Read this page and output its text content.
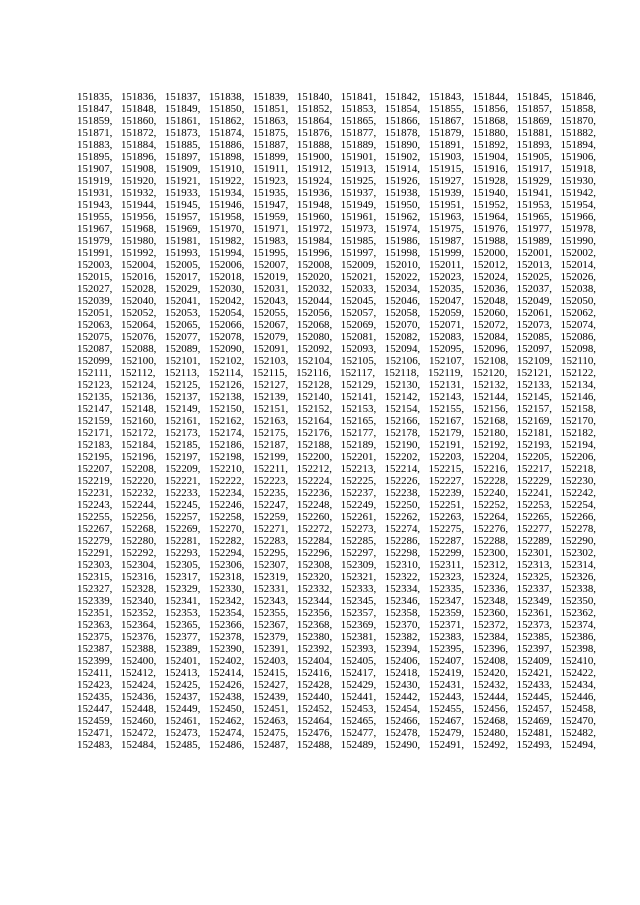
151835, 151836, 151837, 151838, 151839, 151840, 151841, 151842, 151843, 151844, 151845, 151846,
151847, 151848, 151849, 151850, 151851, 151852, 151853, 151854, 151855, 151856, 151857, 151858,
151859, 151860, 151861, 151862, 151863, 151864, 151865, 151866, 151867, 151868, 151869, 151870,
151871, 151872, 151873, 151874, 151875, 151876, 151877, 151878, 151879, 151880, 151881, 151882,
151883, 151884, 151885, 151886, 151887, 151888, 151889, 151890, 151891, 151892, 151893, 151894,
151895, 151896, 151897, 151898, 151899, 151900, 151901, 151902, 151903, 151904, 151905, 151906,
151907, 151908, 151909, 151910, 151911, 151912, 151913, 151914, 151915, 151916, 151917, 151918,
151919, 151920, 151921, 151922, 151923, 151924, 151925, 151926, 151927, 151928, 151929, 151930,
151931, 151932, 151933, 151934, 151935, 151936, 151937, 151938, 151939, 151940, 151941, 151942,
151943, 151944, 151945, 151946, 151947, 151948, 151949, 151950, 151951, 151952, 151953, 151954,
151955, 151956, 151957, 151958, 151959, 151960, 151961, 151962, 151963, 151964, 151965, 151966,
151967, 151968, 151969, 151970, 151971, 151972, 151973, 151974, 151975, 151976, 151977, 151978,
151979, 151980, 151981, 151982, 151983, 151984, 151985, 151986, 151987, 151988, 151989, 151990,
151991, 151992, 151993, 151994, 151995, 151996, 151997, 151998, 151999, 152000, 152001, 152002,
152003, 152004, 152005, 152006, 152007, 152008, 152009, 152010, 152011, 152012, 152013, 152014,
152015, 152016, 152017, 152018, 152019, 152020, 152021, 152022, 152023, 152024, 152025, 152026,
152027, 152028, 152029, 152030, 152031, 152032, 152033, 152034, 152035, 152036, 152037, 152038,
152039, 152040, 152041, 152042, 152043, 152044, 152045, 152046, 152047, 152048, 152049, 152050,
152051, 152052, 152053, 152054, 152055, 152056, 152057, 152058, 152059, 152060, 152061, 152062,
152063, 152064, 152065, 152066, 152067, 152068, 152069, 152070, 152071, 152072, 152073, 152074,
152075, 152076, 152077, 152078, 152079, 152080, 152081, 152082, 152083, 152084, 152085, 152086,
152087, 152088, 152089, 152090, 152091, 152092, 152093, 152094, 152095, 152096, 152097, 152098,
152099, 152100, 152101, 152102, 152103, 152104, 152105, 152106, 152107, 152108, 152109, 152110,
152111, 152112, 152113, 152114, 152115, 152116, 152117, 152118, 152119, 152120, 152121, 152122,
152123, 152124, 152125, 152126, 152127, 152128, 152129, 152130, 152131, 152132, 152133, 152134,
152135, 152136, 152137, 152138, 152139, 152140, 152141, 152142, 152143, 152144, 152145, 152146,
152147, 152148, 152149, 152150, 152151, 152152, 152153, 152154, 152155, 152156, 152157, 152158,
152159, 152160, 152161, 152162, 152163, 152164, 152165, 152166, 152167, 152168, 152169, 152170,
152171, 152172, 152173, 152174, 152175, 152176, 152177, 152178, 152179, 152180, 152181, 152182,
152183, 152184, 152185, 152186, 152187, 152188, 152189, 152190, 152191, 152192, 152193, 152194,
152195, 152196, 152197, 152198, 152199, 152200, 152201, 152202, 152203, 152204, 152205, 152206,
152207, 152208, 152209, 152210, 152211, 152212, 152213, 152214, 152215, 152216, 152217, 152218,
152219, 152220, 152221, 152222, 152223, 152224, 152225, 152226, 152227, 152228, 152229, 152230,
152231, 152232, 152233, 152234, 152235, 152236, 152237, 152238, 152239, 152240, 152241, 152242,
152243, 152244, 152245, 152246, 152247, 152248, 152249, 152250, 152251, 152252, 152253, 152254,
152255, 152256, 152257, 152258, 152259, 152260, 152261, 152262, 152263, 152264, 152265, 152266,
152267, 152268, 152269, 152270, 152271, 152272, 152273, 152274, 152275, 152276, 152277, 152278,
152279, 152280, 152281, 152282, 152283, 152284, 152285, 152286, 152287, 152288, 152289, 152290,
152291, 152292, 152293, 152294, 152295, 152296, 152297, 152298, 152299, 152300, 152301, 152302,
152303, 152304, 152305, 152306, 152307, 152308, 152309, 152310, 152311, 152312, 152313, 152314,
152315, 152316, 152317, 152318, 152319, 152320, 152321, 152322, 152323, 152324, 152325, 152326,
152327, 152328, 152329, 152330, 152331, 152332, 152333, 152334, 152335, 152336, 152337, 152338,
152339, 152340, 152341, 152342, 152343, 152344, 152345, 152346, 152347, 152348, 152349, 152350,
152351, 152352, 152353, 152354, 152355, 152356, 152357, 152358, 152359, 152360, 152361, 152362,
152363, 152364, 152365, 152366, 152367, 152368, 152369, 152370, 152371, 152372, 152373, 152374,
152375, 152376, 152377, 152378, 152379, 152380, 152381, 152382, 152383, 152384, 152385, 152386,
152387, 152388, 152389, 152390, 152391, 152392, 152393, 152394, 152395, 152396, 152397, 152398,
152399, 152400, 152401, 152402, 152403, 152404, 152405, 152406, 152407, 152408, 152409, 152410,
152411, 152412, 152413, 152414, 152415, 152416, 152417, 152418, 152419, 152420, 152421, 152422,
152423, 152424, 152425, 152426, 152427, 152428, 152429, 152430, 152431, 152432, 152433, 152434,
152435, 152436, 152437, 152438, 152439, 152440, 152441, 152442, 152443, 152444, 152445, 152446,
152447, 152448, 152449, 152450, 152451, 152452, 152453, 152454, 152455, 152456, 152457, 152458,
152459, 152460, 152461, 152462, 152463, 152464, 152465, 152466, 152467, 152468, 152469, 152470,
152471, 152472, 152473, 152474, 152475, 152476, 152477, 152478, 152479, 152480, 152481, 152482,
152483, 152484, 152485, 152486, 152487, 152488, 152489, 152490, 152491, 152492, 152493, 152494,
